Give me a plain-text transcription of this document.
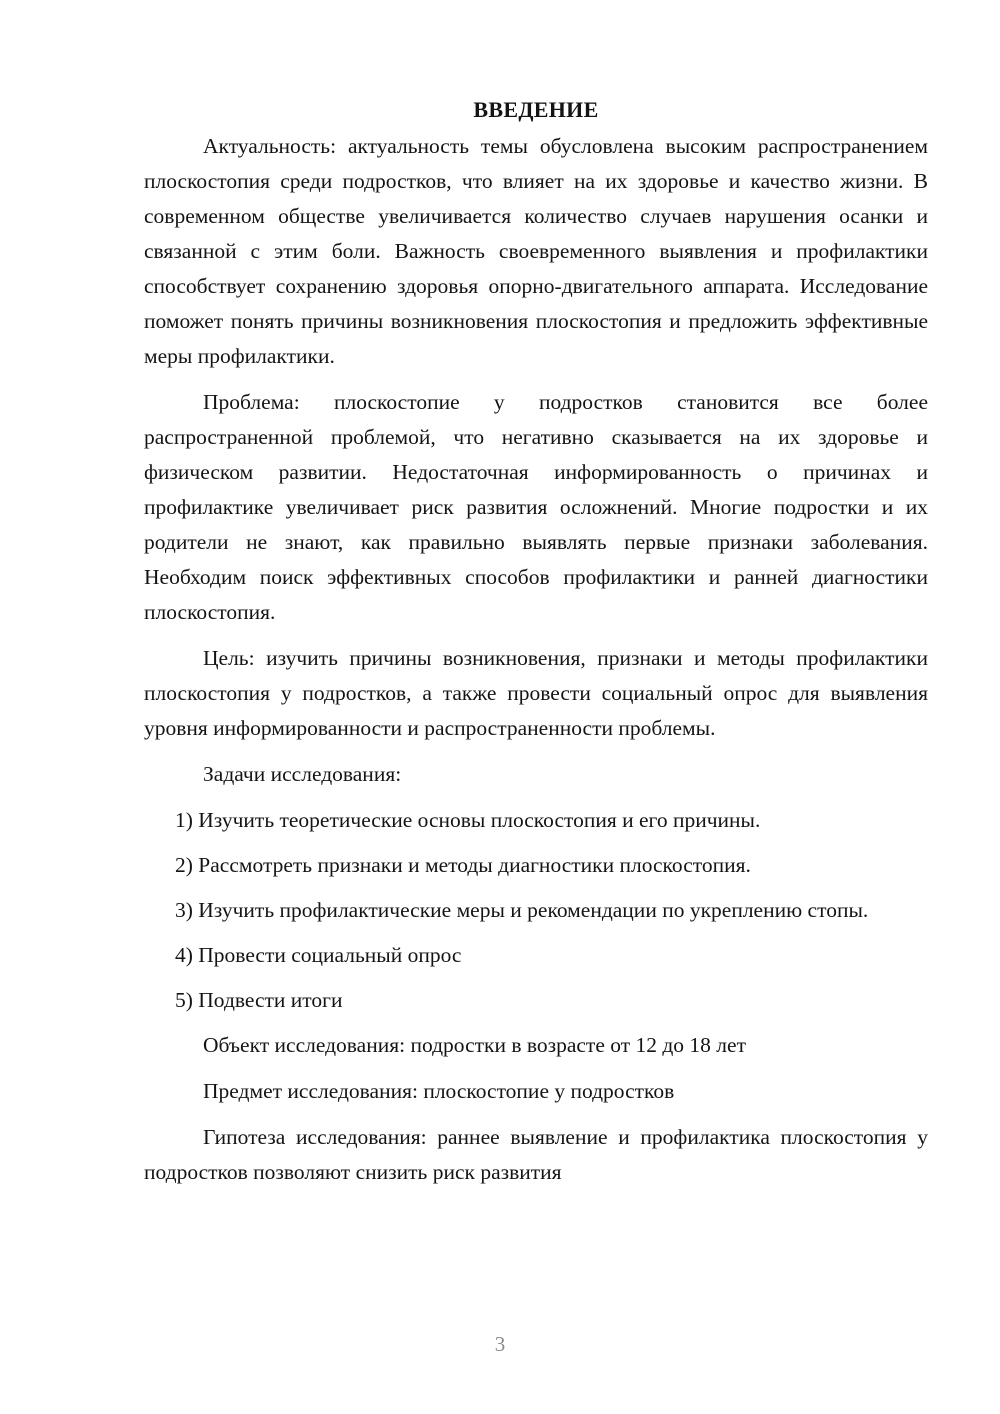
ВВЕДЕНИЕ

Актуальность: актуальность темы обусловлена высоким распространением плоскостопия среди подростков, что влияет на их здоровье и качество жизни. В современном обществе увеличивается количество случаев нарушения осанки и связанной с этим боли. Важность своевременного выявления и профилактики способствует сохранению здоровья опорно-двигательного аппарата. Исследование поможет понять причины возникновения плоскостопия и предложить эффективные меры профилактики.

Проблема: плоскостопие у подростков становится все более распространенной проблемой, что негативно сказывается на их здоровье и физическом развитии. Недостаточная информированность о причинах и профилактике увеличивает риск развития осложнений. Многие подростки и их родители не знают, как правильно выявлять первые признаки заболевания. Необходим поиск эффективных способов профилактики и ранней диагностики плоскостопия.

Цель: изучить причины возникновения, признаки и методы профилактики плоскостопия у подростков, а также провести социальный опрос для выявления уровня информированности и распространенности проблемы.

Задачи исследования:

1) Изучить теоретические основы плоскостопия и его причины.

2) Рассмотреть признаки и методы диагностики плоскостопия.

3) Изучить профилактические меры и рекомендации по укреплению стопы.

4) Провести социальный опрос

5) Подвести итоги

Объект исследования: подростки в возрасте от 12 до 18 лет

Предмет исследования: плоскостопие у подростков

Гипотеза исследования: раннее выявление и профилактика плоскостопия у подростков позволяют снизить риск развития

3
